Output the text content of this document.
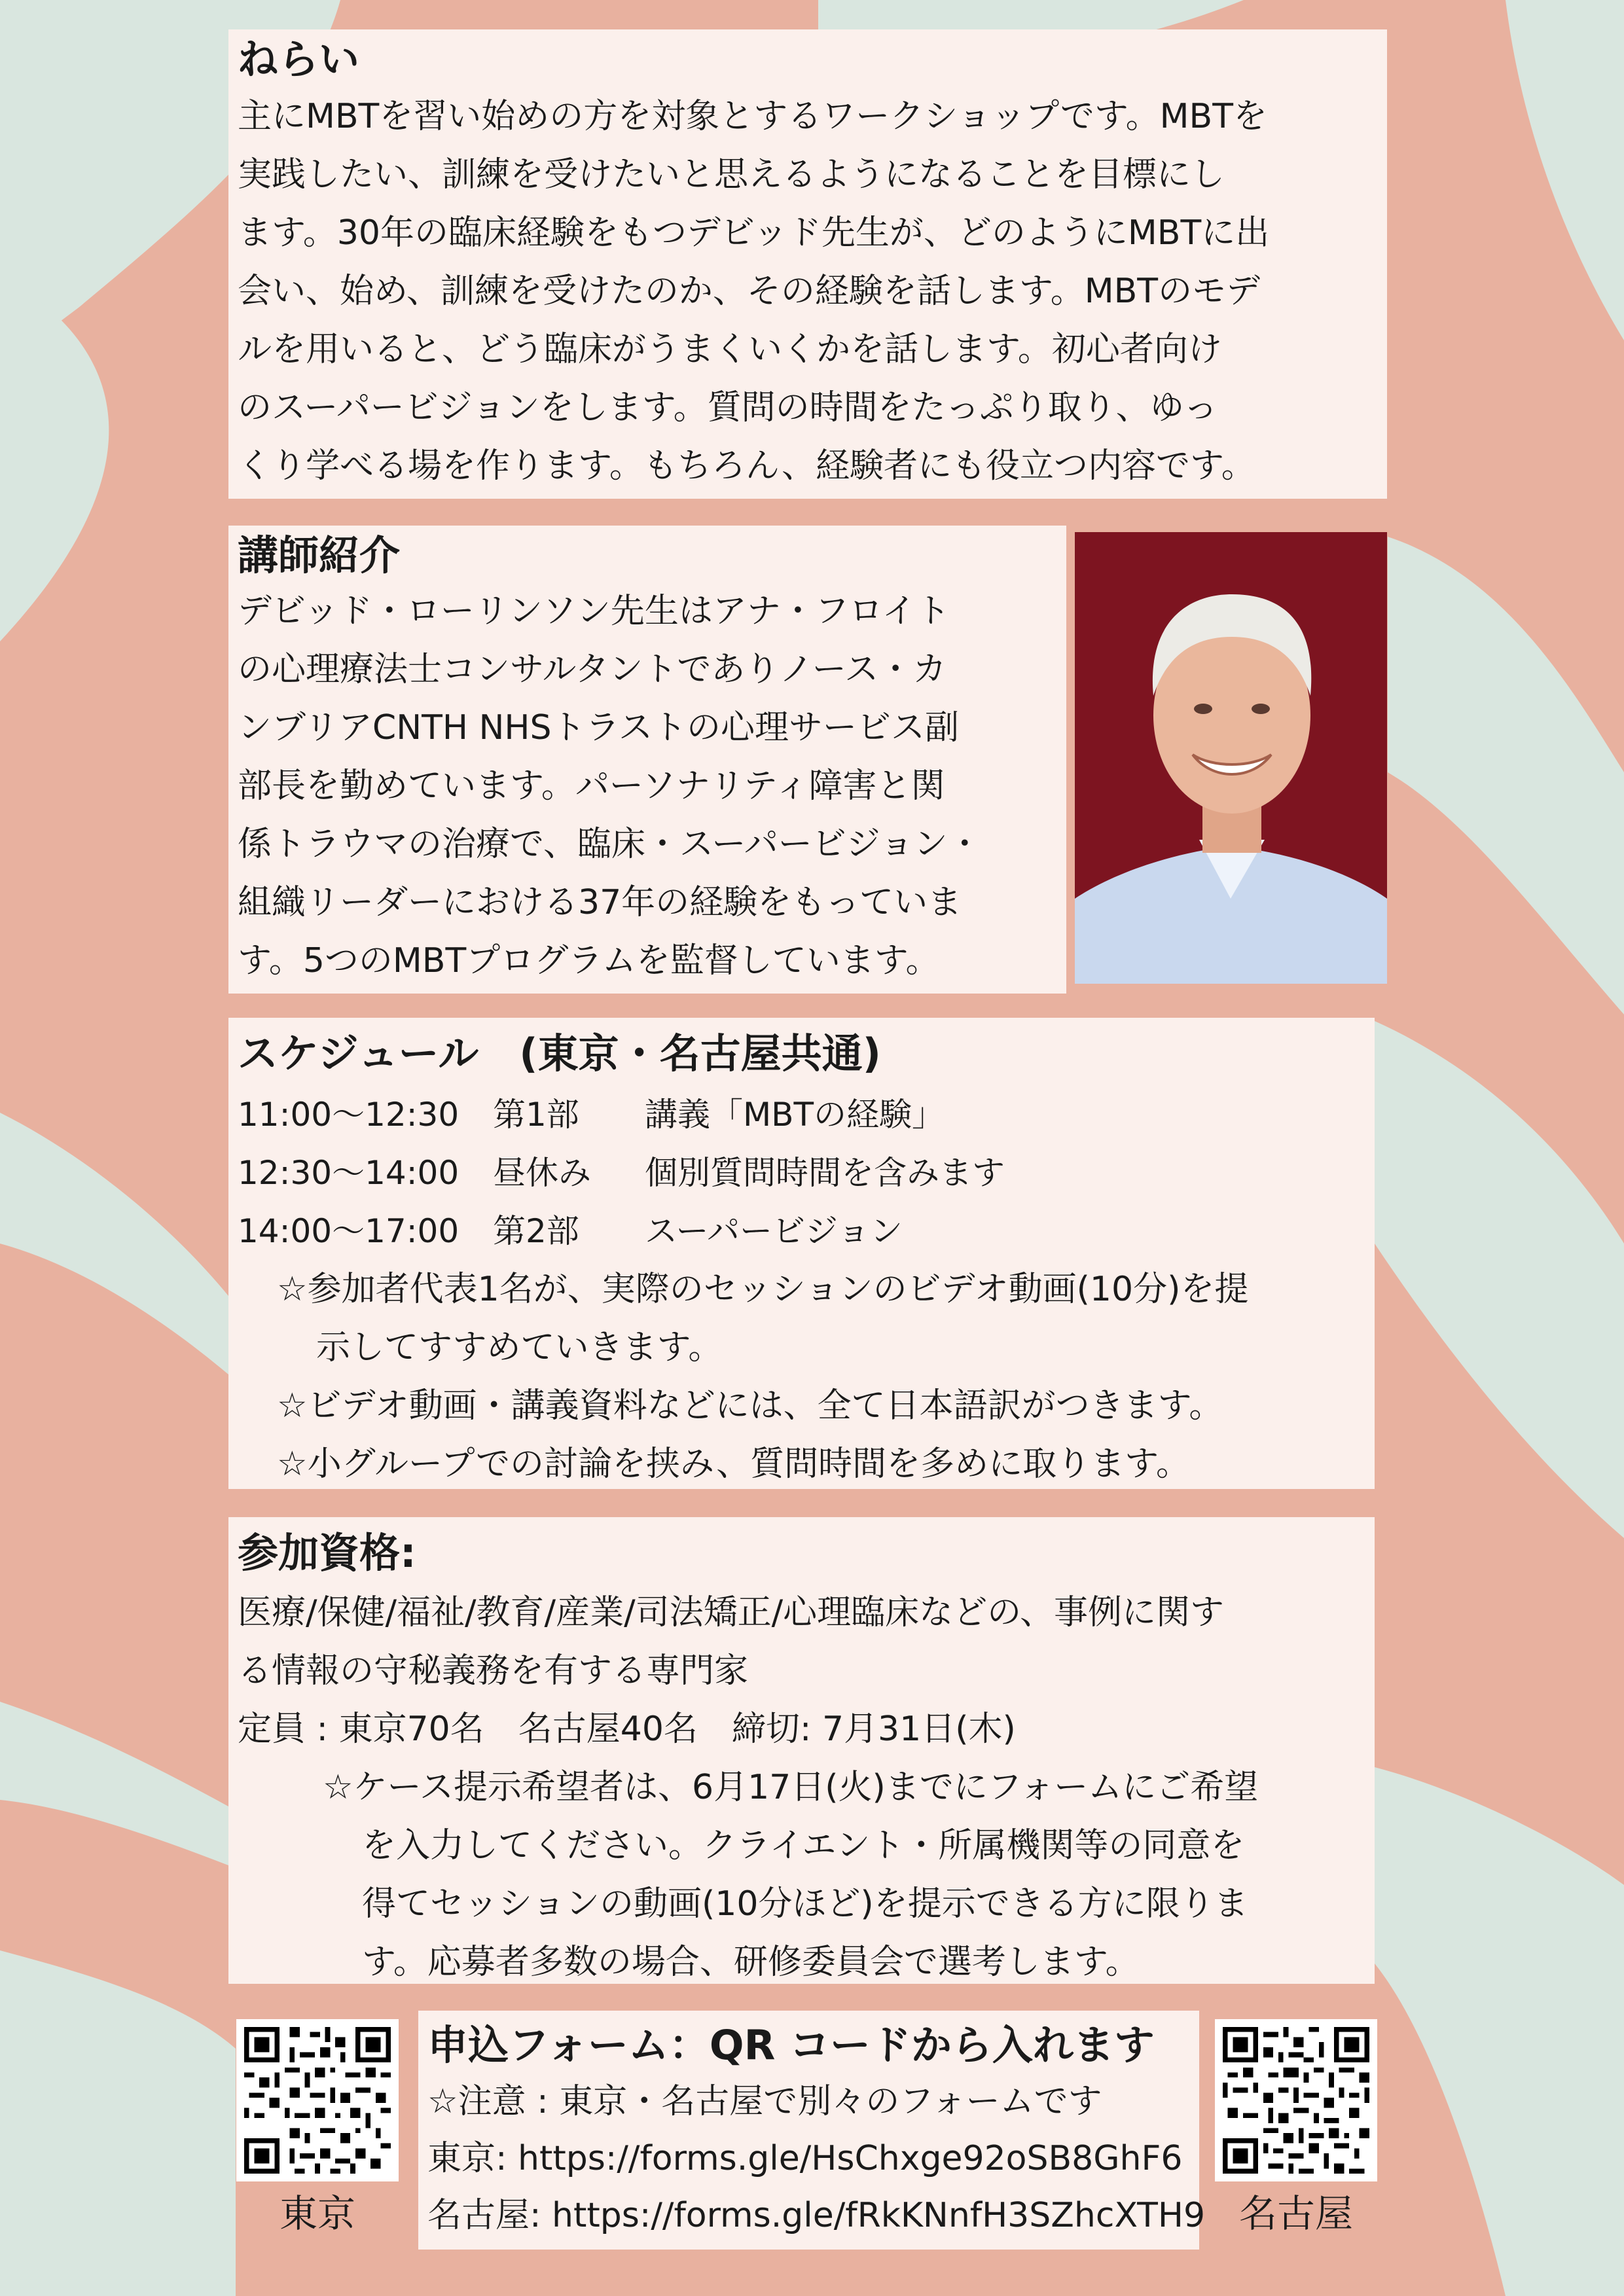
ねらい
主にMBTを習い始めの方を対象とするワークショップです。MBTを
実践したい、訓練を受けたいと思えるようになることを目標にし
ます。30年の臨床経験をもつデビッド先生が、どのようにMBTに出
会い、始め、訓練を受けたのか、その経験を話します。MBTのモデ
ルを用いると、どう臨床がうまくいくかを話します。初心者向け
のスーパービジョンをします。質問の時間をたっぷり取り、ゆっ
くり学べる場を作ります。もちろん、経験者にも役立つ内容です。
講師紹介
デビッド・ローリンソン先生はアナ・フロイト
の心理療法士コンサルタントでありノース・カ
ンブリアCNTH NHSトラストの心理サービス副
部長を勤めています。パーソナリティ障害と関
係トラウマの治療で、臨床・スーパービジョン・
組織リーダーにおける37年の経験をもっていま
す。5つのMBTプログラムを監督しています。
スケジュール　(東京・名古屋共通)
11:00〜12:30 第1部 講義「MBTの経験」
12:30〜14:00 昼休み 個別質問時間を含みます
14:00〜17:00 第2部 スーパービジョン
☆参加者代表1名が、実際のセッションのビデオ動画(10分)を提
示してすすめていきます。
☆ビデオ動画・講義資料などには、全て日本語訳がつきます。
☆小グループでの討論を挟み、質問時間を多めに取ります。
参加資格:
医療/保健/福祉/教育/産業/司法矯正/心理臨床などの、事例に関す
る情報の守秘義務を有する専門家
定員 : 東京70名　名古屋40名　締切: 7月31日(木)
☆ケース提示希望者は、6月17日(火)までにフォームにご希望
を入力してください。クライエント・所属機関等の同意を
得てセッションの動画(10分ほど)を提示できる方に限りま
す。応募者多数の場合、研修委員会で選考します。
東京
申込フォーム：QR コードから入れます
☆注意 : 東京・名古屋で別々のフォームです
東京: https://forms.gle/HsChxge92oSB8GhF6
名古屋: https://forms.gle/fRkKNnfH3SZhcXTH9 名古屋
